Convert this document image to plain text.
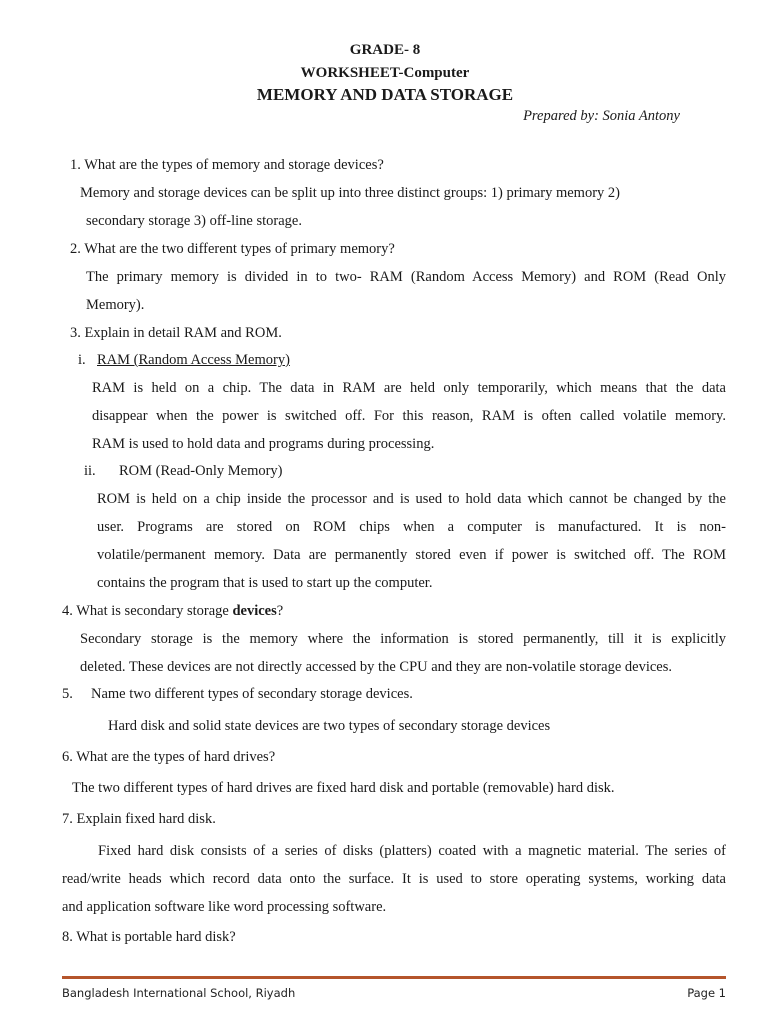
GRADE- 8
WORKSHEET-Computer
MEMORY AND DATA STORAGE
Prepared by: Sonia Antony
1. What are the types of memory and storage devices?
Memory and storage devices can be split up into three distinct groups: 1) primary memory 2)
secondary storage 3) off-line storage.
2. What are the two different types of primary memory?
The primary memory is divided in to two- RAM (Random Access Memory) and ROM (Read Only
Memory).
3. Explain in detail RAM and ROM.
i. RAM (Random Access Memory)
RAM is held on a chip. The data in RAM are held only temporarily, which means that the data
disappear when the power is switched off. For this reason, RAM is often called volatile memory.
RAM is used to hold data and programs during processing.
ii. ROM (Read-Only Memory)
ROM is held on a chip inside the processor and is used to hold data which cannot be changed by the
user. Programs are stored on ROM chips when a computer is manufactured. It is non-
volatile/permanent memory. Data are permanently stored even if power is switched off. The ROM
contains the program that is used to start up the computer.
4. What is secondary storage devices?
Secondary storage is the memory where the information is stored permanently, till it is explicitly
deleted. These devices are not directly accessed by the CPU and they are non-volatile storage devices.
5. Name two different types of secondary storage devices.
Hard disk and solid state devices are two types of secondary storage devices
6. What are the types of hard drives?
The two different types of hard drives are fixed hard disk and portable (removable) hard disk.
7. Explain fixed hard disk.
Fixed hard disk consists of a series of disks (platters) coated with a magnetic material. The series of
read/write heads which record data onto the surface. It is used to store operating systems, working data
and application software like word processing software.
8. What is portable hard disk?
Bangladesh International School, Riyadh	Page 1
